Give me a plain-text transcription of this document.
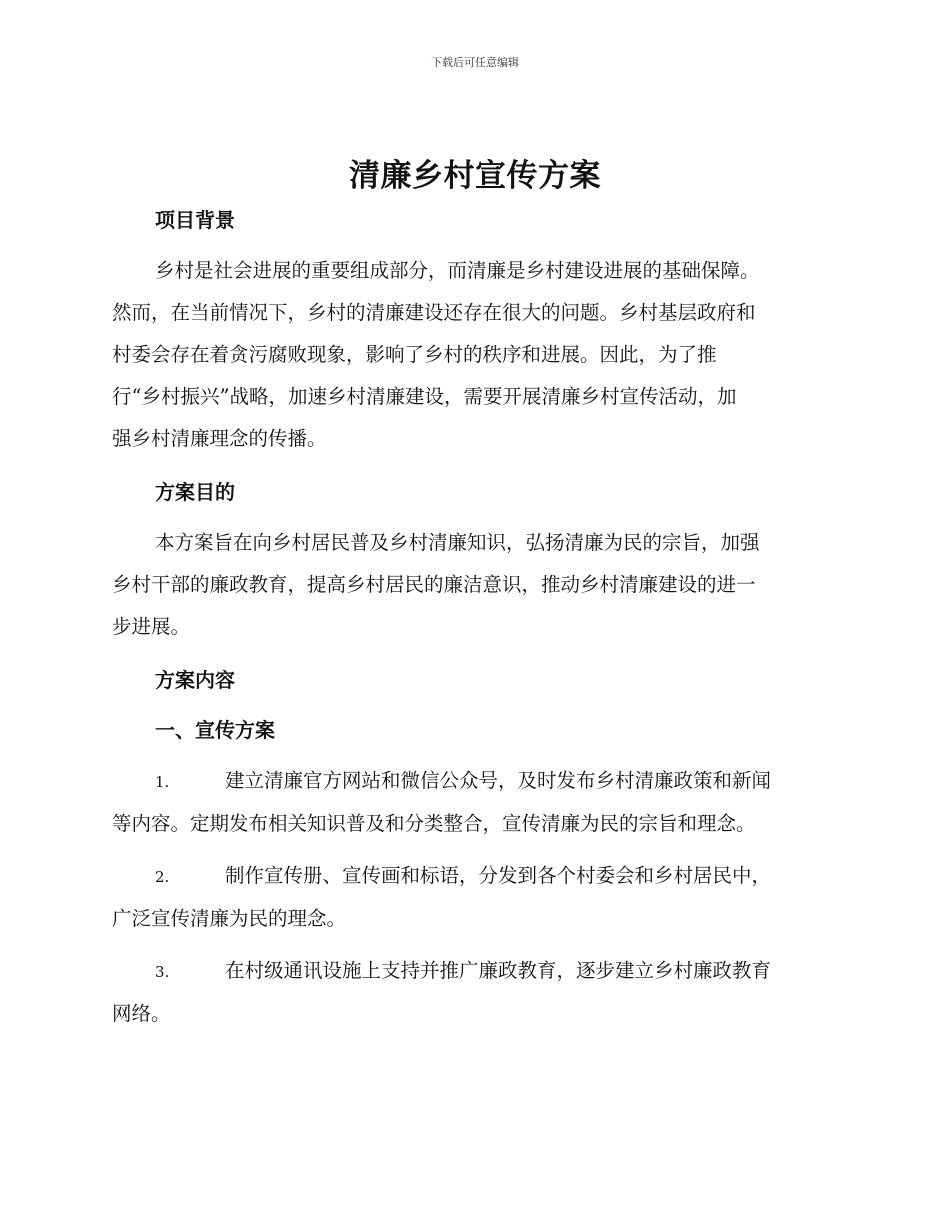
下载后可任意编辑
清廉乡村宣传方案
项目背景

乡村是社会进展的重要组成部分，而清廉是乡村建设进展的基础保障。

然而，在当前情况下，乡村的清廉建设还存在很大的问题。乡村基层政府和

村委会存在着贪污腐败现象，影响了乡村的秩序和进展。因此，为了推

行“乡村振兴”战略，加速乡村清廉建设，需要开展清廉乡村宣传活动，加

强乡村清廉理念的传播。

方案目的

本方案旨在向乡村居民普及乡村清廉知识，弘扬清廉为民的宗旨，加强

乡村干部的廉政教育，提高乡村居民的廉洁意识，推动乡村清廉建设的进一

步进展。

方案内容
一、宣传方案

1.	建立清廉官方网站和微信公众号，及时发布乡村清廉政策和新闻

等内容。定期发布相关知识普及和分类整合，宣传清廉为民的宗旨和理念。

2.	制作宣传册、宣传画和标语，分发到各个村委会和乡村居民中，

广泛宣传清廉为民的理念。

3.	在村级通讯设施上支持并推广廉政教育，逐步建立乡村廉政教育

网络。
